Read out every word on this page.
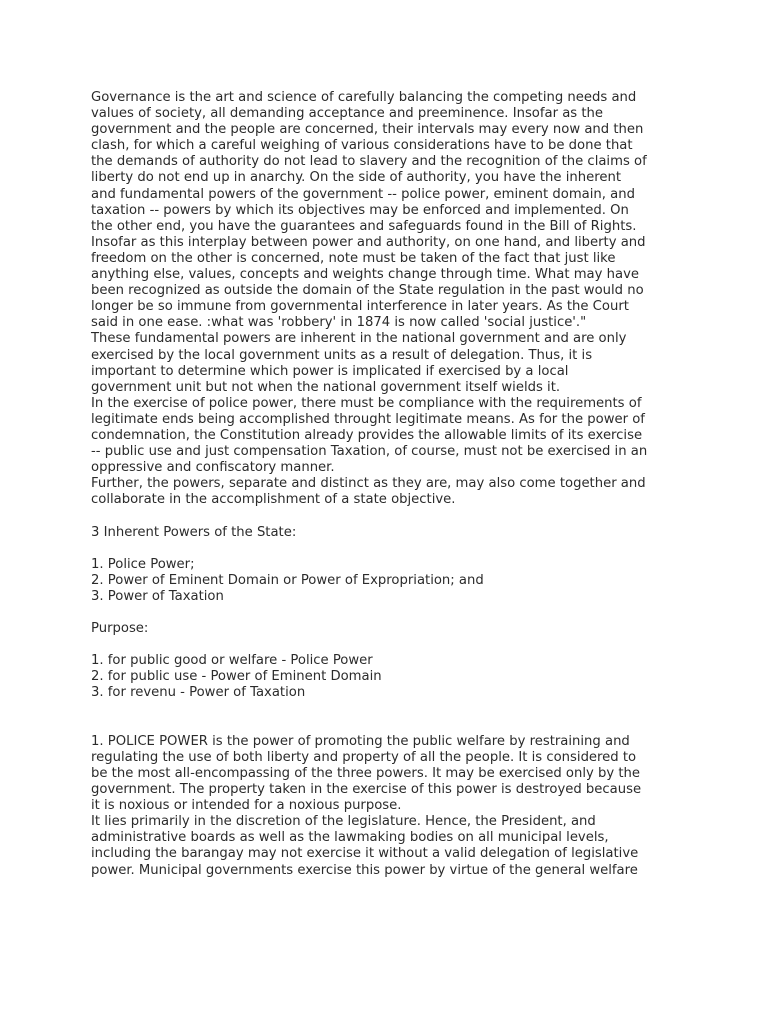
Governance is the art and science of carefully balancing the competing needs and
values of society, all demanding acceptance and preeminence. Insofar as the
government and the people are concerned, their intervals may every now and then
clash, for which a careful weighing of various considerations have to be done that
the demands of authority do not lead to slavery and the recognition of the claims of
liberty do not end up in anarchy. On the side of authority, you have the inherent
and fundamental powers of the government -- police power, eminent domain, and
taxation -- powers by which its objectives may be enforced and implemented. On
the other end, you have the guarantees and safeguards found in the Bill of Rights.
Insofar as this interplay between power and authority, on one hand, and liberty and
freedom on the other is concerned, note must be taken of the fact that just like
anything else, values, concepts and weights change through time. What may have
been recognized as outside the domain of the State regulation in the past would no
longer be so immune from governmental interference in later years. As the Court
said in one ease. :what was 'robbery' in 1874 is now called 'social justice'."
These fundamental powers are inherent in the national government and are only
exercised by the local government units as a result of delegation. Thus, it is
important to determine which power is implicated if exercised by a local
government unit but not when the national government itself wields it.
In the exercise of police power, there must be compliance with the requirements of
legitimate ends being accomplished throught legitimate means. As for the power of
condemnation, the Constitution already provides the allowable limits of its exercise
-- public use and just compensation Taxation, of course, must not be exercised in an
oppressive and confiscatory manner.
Further, the powers, separate and distinct as they are, may also come together and
collaborate in the accomplishment of a state objective.
3 Inherent Powers of the State:
1. Police Power;
2. Power of Eminent Domain or Power of Expropriation; and
3. Power of Taxation
Purpose:
1. for public good or welfare - Police Power
2. for public use - Power of Eminent Domain
3. for revenu - Power of Taxation
1. POLICE POWER is the power of promoting the public welfare by restraining and
regulating the use of both liberty and property of all the people. It is considered to
be the most all-encompassing of the three powers. It may be exercised only by the
government. The property taken in the exercise of this power is destroyed because
it is noxious or intended for a noxious purpose.
It lies primarily in the discretion of the legislature. Hence, the President, and
administrative boards as well as the lawmaking bodies on all municipal levels,
including the barangay may not exercise it without a valid delegation of legislative
power. Municipal governments exercise this power by virtue of the general welfare
